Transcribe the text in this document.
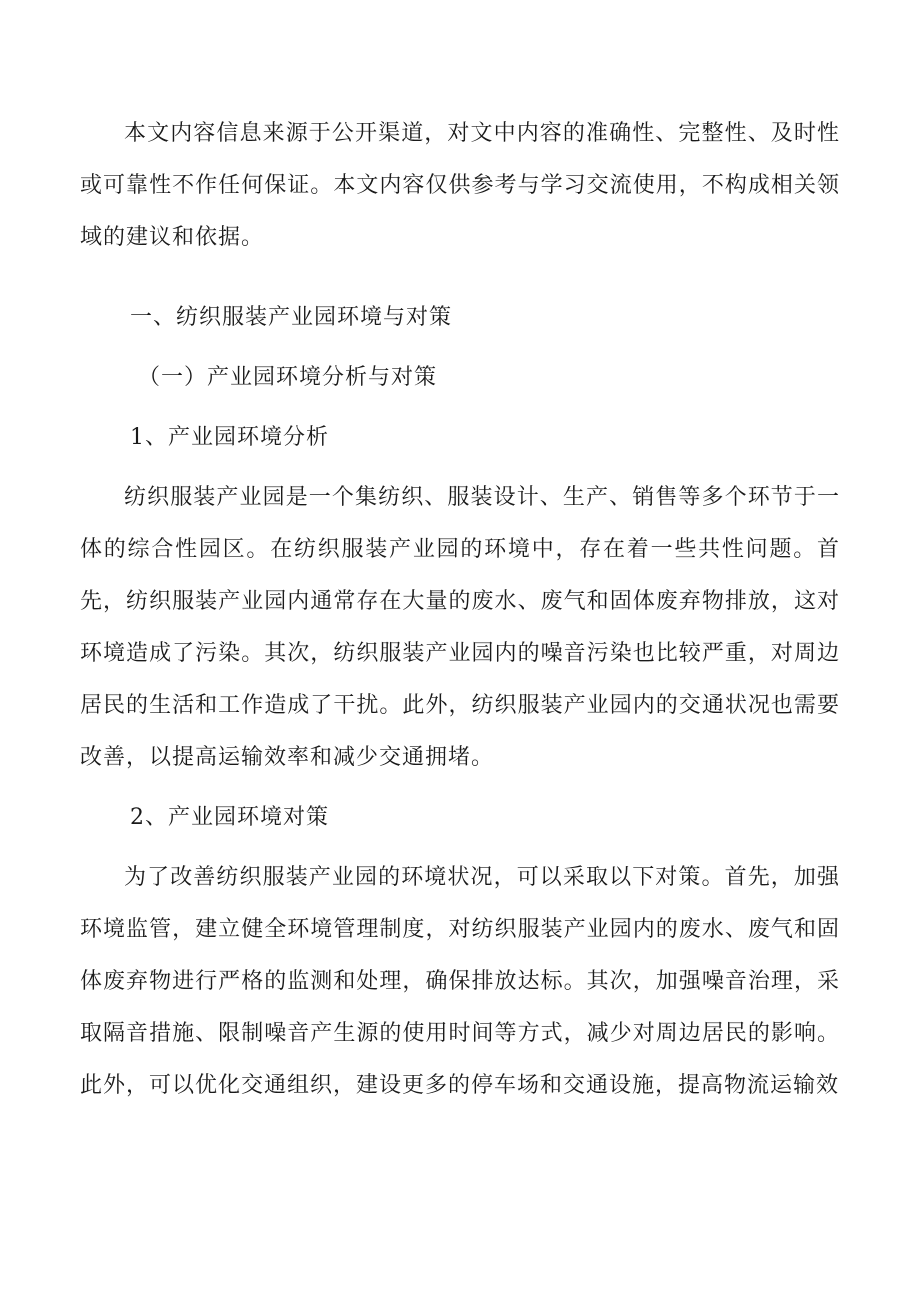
本文内容信息来源于公开渠道，对文中内容的准确性、完整性、及时性或可靠性不作任何保证。本文内容仅供参考与学习交流使用，不构成相关领域的建议和依据。

一、纺织服装产业园环境与对策

（一）产业园环境分析与对策

1、产业园环境分析

纺织服装产业园是一个集纺织、服装设计、生产、销售等多个环节于一体的综合性园区。在纺织服装产业园的环境中，存在着一些共性问题。首先，纺织服装产业园内通常存在大量的废水、废气和固体废弃物排放，这对环境造成了污染。其次，纺织服装产业园内的噪音污染也比较严重，对周边居民的生活和工作造成了干扰。此外，纺织服装产业园内的交通状况也需要改善，以提高运输效率和减少交通拥堵。

2、产业园环境对策

为了改善纺织服装产业园的环境状况，可以采取以下对策。首先，加强环境监管，建立健全环境管理制度，对纺织服装产业园内的废水、废气和固体废弃物进行严格的监测和处理，确保排放达标。其次，加强噪音治理，采取隔音措施、限制噪音产生源的使用时间等方式，减少对周边居民的影响。此外，可以优化交通组织，建设更多的停车场和交通设施，提高物流运输效
